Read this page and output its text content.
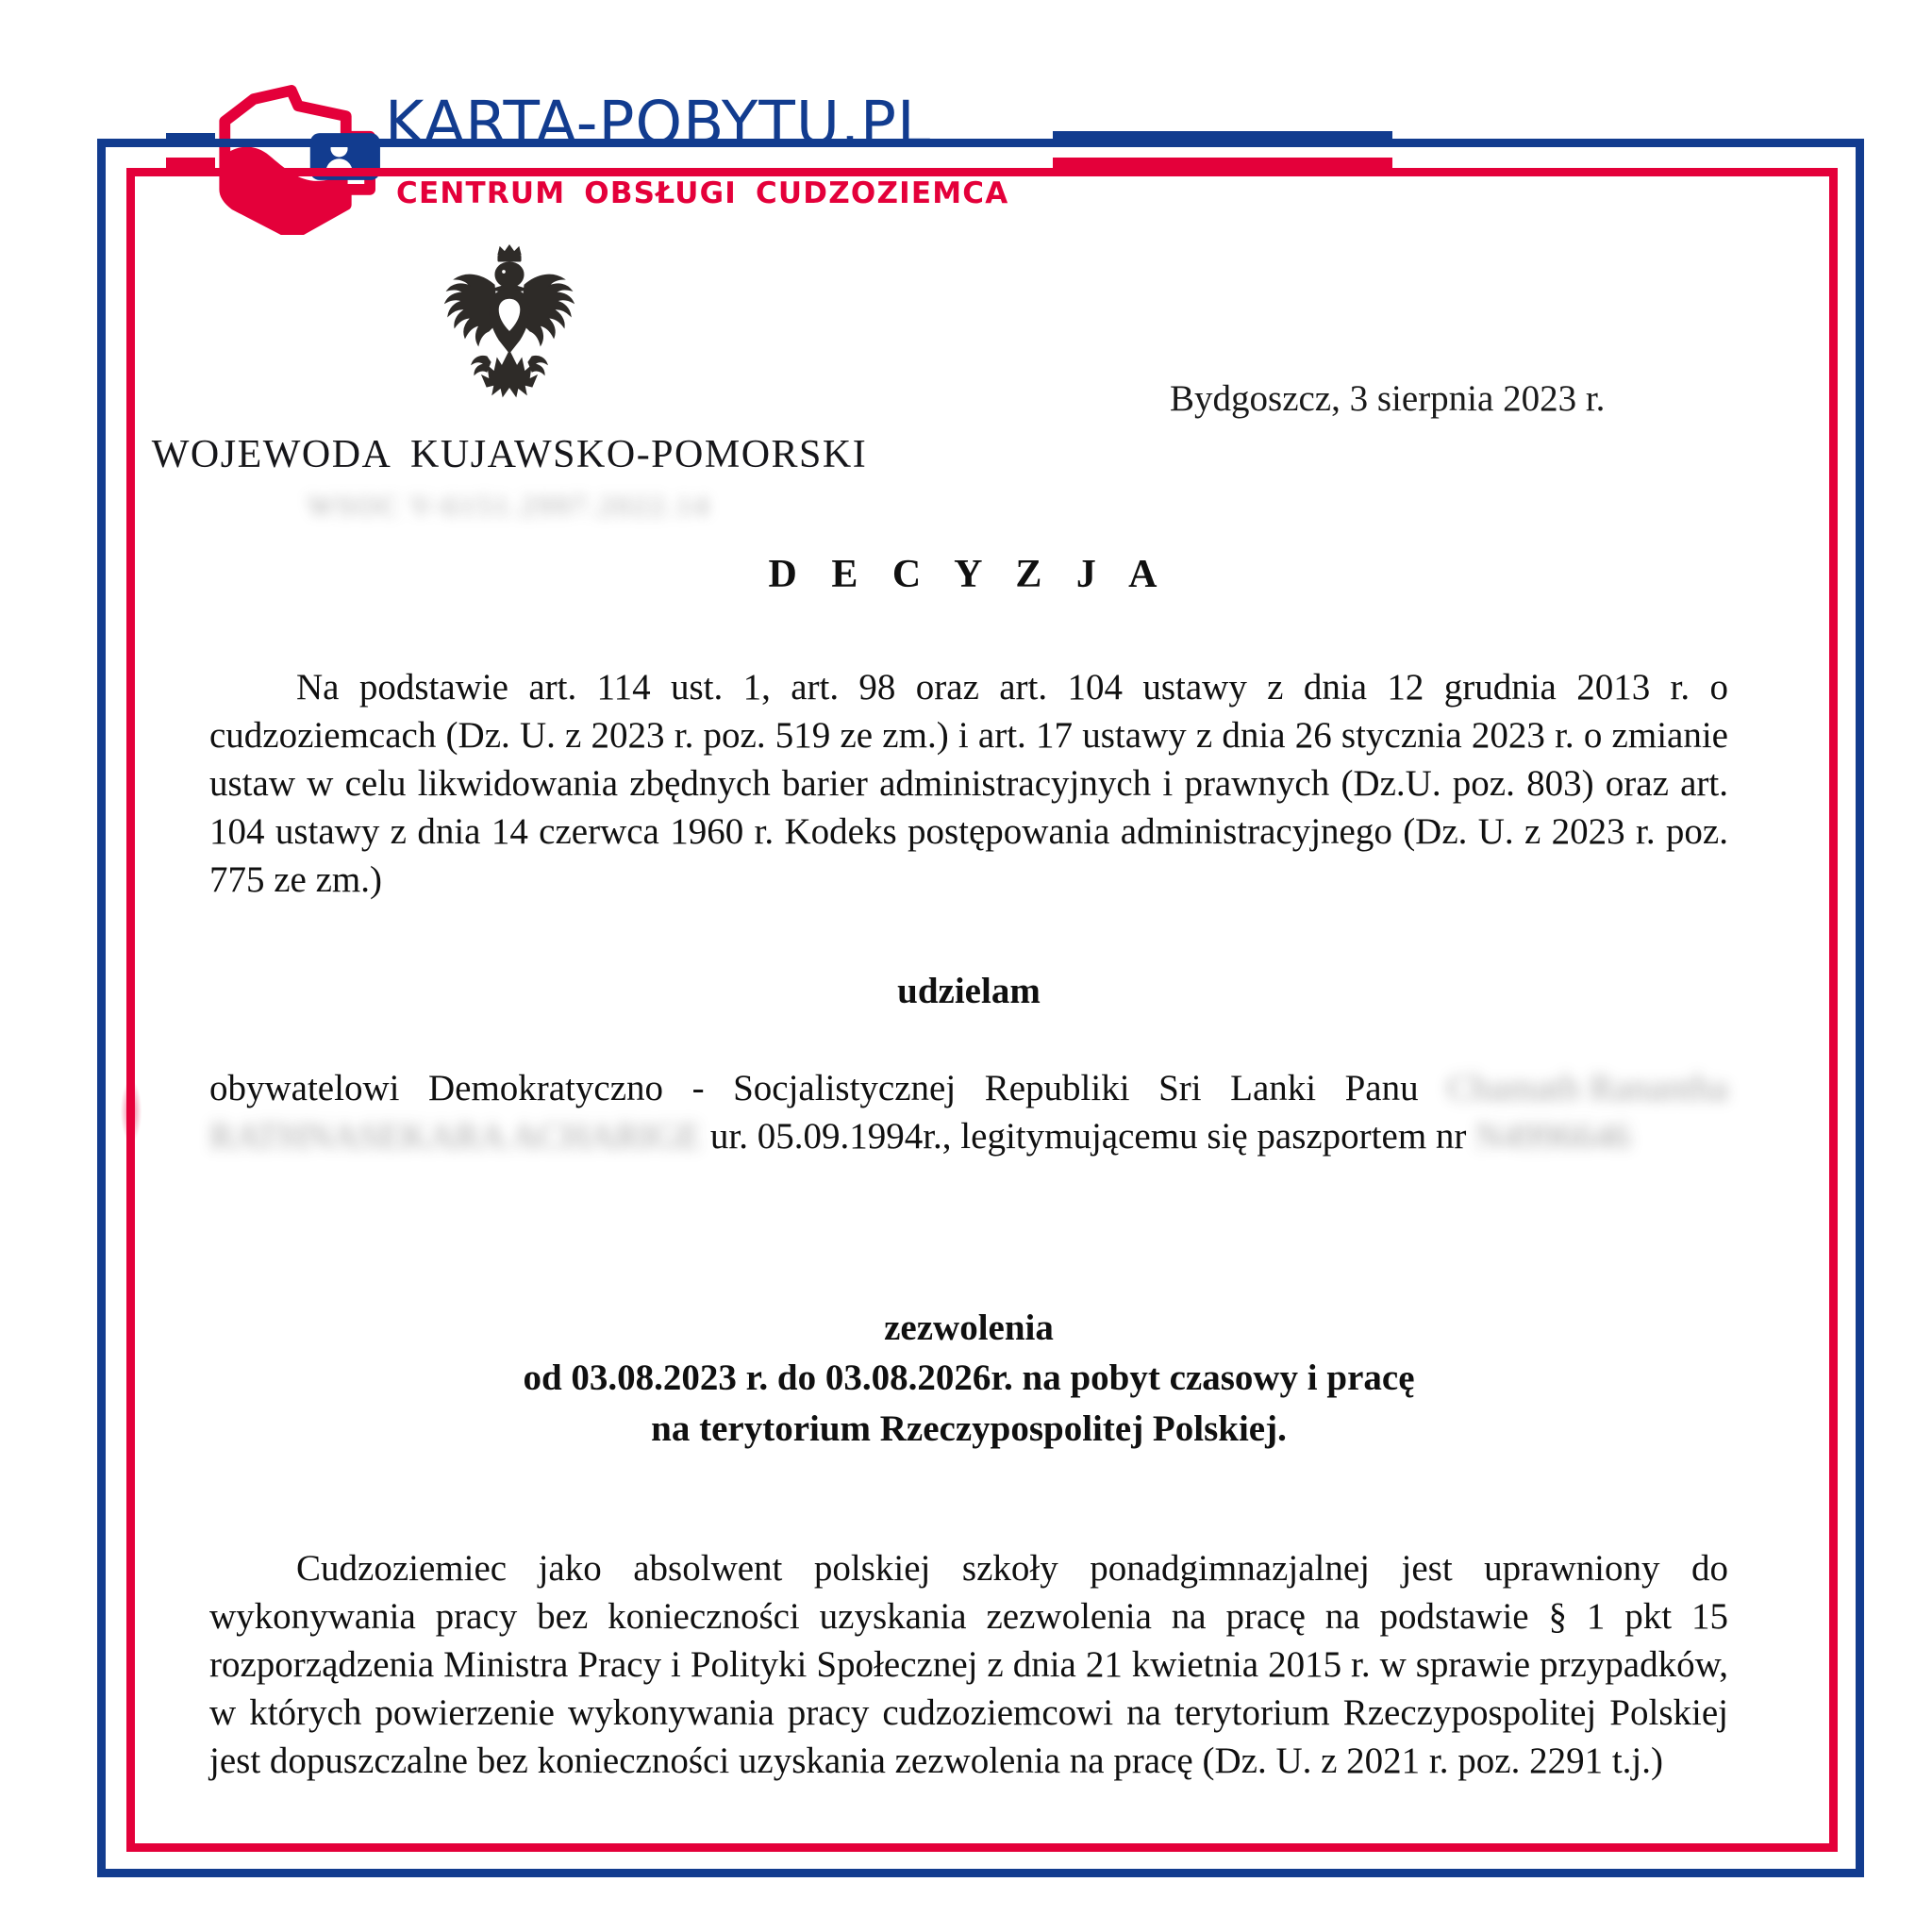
KARTA-POBYTU.PL
CENTRUM OBSŁUGI CUDZOZIEMCA
WOJEWODA KUJAWSKO-POMORSKI
WSOC V-6151.2997.2022.14
Bydgoszcz, 3 sierpnia 2023 r.
D E C Y Z J A

Na podstawie art. 114 ust. 1, art. 98 oraz art. 104 ustawy z dnia 12 grudnia 2013 r. o cudzoziemcach (Dz. U. z 2023 r. poz. 519 ze zm.) i art. 17 ustawy z dnia 26 stycznia 2023 r. o zmianie ustaw w celu likwidowania zbędnych barier administracyjnych i prawnych (Dz.U. poz. 803) oraz art. 104 ustawy z dnia 14 czerwca 1960 r. Kodeks postępowania administracyjnego (Dz. U. z 2023 r. poz. 775 ze zm.)

udzielam

obywatelowi Demokratyczno - Socjalistycznej Republiki Sri Lanki Panu Chamath RananthaRATHNASEKARA ACHARIGE ur. 05.09.1994r., legitymującemu się paszportem nr N4996646

zezwolenia
od 03.08.2023 r. do 03.08.2026r. na pobyt czasowy i pracę
na terytorium Rzeczypospolitej Polskiej.

Cudzoziemiec jako absolwent polskiej szkoły ponadgimnazjalnej jest uprawniony do wykonywania pracy bez konieczności uzyskania zezwolenia na pracę na podstawie § 1 pkt 15 rozporządzenia Ministra Pracy i Polityki Społecznej z dnia 21 kwietnia 2015 r. w sprawie przypadków, w których powierzenie wykonywania pracy cudzoziemcowi na terytorium Rzeczypospolitej Polskiej jest dopuszczalne bez konieczności uzyskania zezwolenia na pracę (Dz. U. z 2021 r. poz. 2291 t.j.)
